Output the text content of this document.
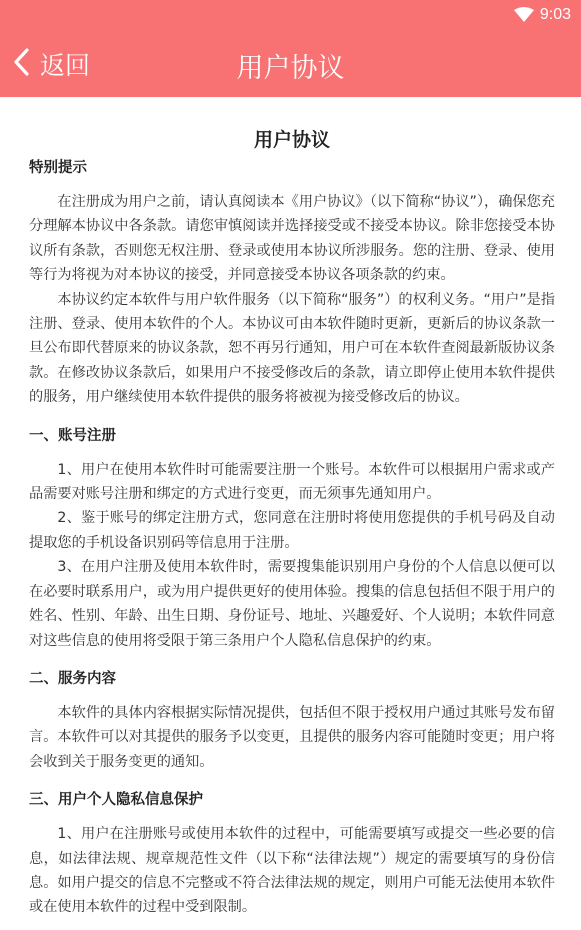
9:03
返回	用户协议
用户协议
特别提示

在注册成为用户之前，请认真阅读本《用户协议》（以下简称“协议”），确保您充分理解本协议中各条款。请您审慎阅读并选择接受或不接受本协议。除非您接受本协议所有条款，否则您无权注册、登录或使用本协议所涉服务。您的注册、登录、使用等行为将视为对本协议的接受，并同意接受本协议各项条款的约束。

本协议约定本软件与用户软件服务（以下简称“服务”）的权利义务。“用户”是指注册、登录、使用本软件的个人。本协议可由本软件随时更新，更新后的协议条款一旦公布即代替原来的协议条款，恕不再另行通知，用户可在本软件查阅最新版协议条款。在修改协议条款后，如果用户不接受修改后的条款，请立即停止使用本软件提供的服务，用户继续使用本软件提供的服务将被视为接受修改后的协议。

一、账号注册

1、用户在使用本软件时可能需要注册一个账号。本软件可以根据用户需求或产品需要对账号注册和绑定的方式进行变更，而无须事先通知用户。

2、鉴于账号的绑定注册方式，您同意在注册时将使用您提供的手机号码及自动提取您的手机设备识别码等信息用于注册。

3、在用户注册及使用本软件时，需要搜集能识别用户身份的个人信息以便可以在必要时联系用户，或为用户提供更好的使用体验。搜集的信息包括但不限于用户的姓名、性别、年龄、出生日期、身份证号、地址、兴趣爱好、个人说明；本软件同意对这些信息的使用将受限于第三条用户个人隐私信息保护的约束。

二、服务内容

本软件的具体内容根据实际情况提供，包括但不限于授权用户通过其账号发布留言。本软件可以对其提供的服务予以变更，且提供的服务内容可能随时变更；用户将会收到关于服务变更的通知。

三、用户个人隐私信息保护

1、用户在注册账号或使用本软件的过程中，可能需要填写或提交一些必要的信息，如法律法规、规章规范性文件（以下称“法律法规”）规定的需要填写的身份信息。如用户提交的信息不完整或不符合法律法规的规定，则用户可能无法使用本软件或在使用本软件的过程中受到限制。
